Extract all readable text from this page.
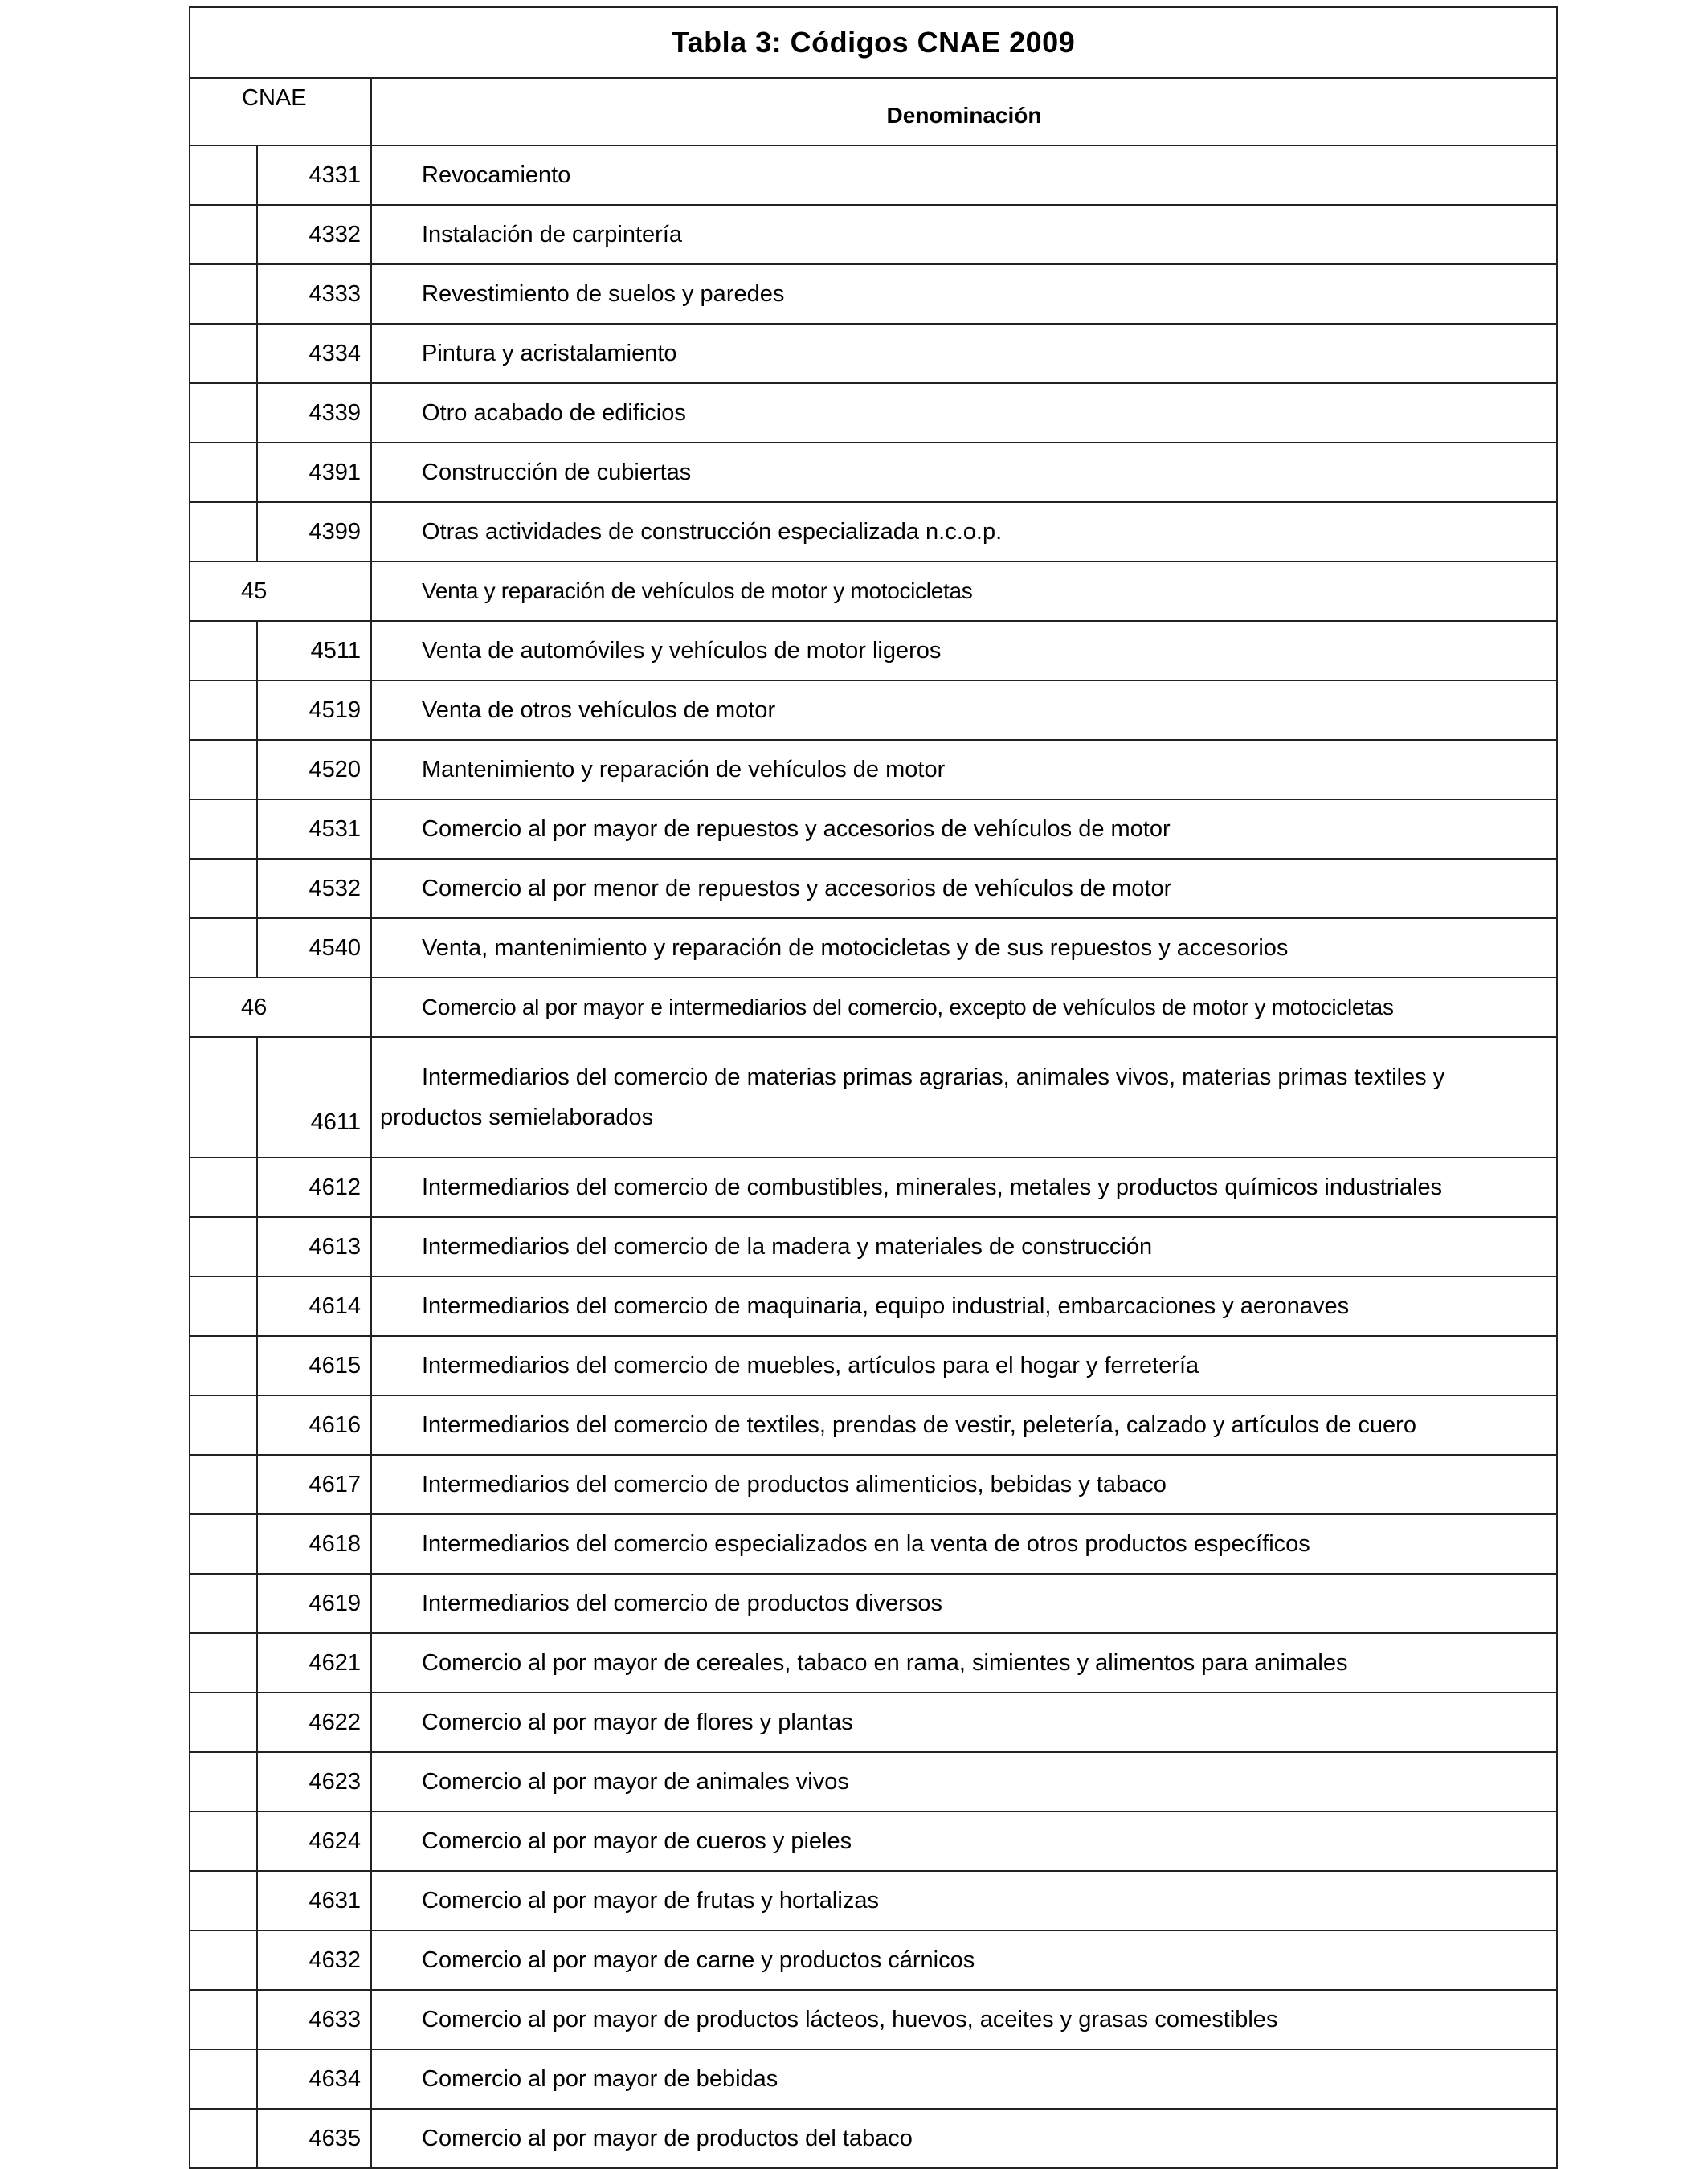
Tabla 3: Códigos CNAE 2009		
CNAE		Denominación
	4331	Revocamiento
	4332	Instalación de carpintería
	4333	Revestimiento de suelos y paredes
	4334	Pintura y acristalamiento
	4339	Otro acabado de edificios
	4391	Construcción de cubiertas
	4399	Otras actividades de construcción especializada n.c.o.p.
45		Venta y reparación de vehículos de motor y motocicletas
	4511	Venta de automóviles y vehículos de motor ligeros
	4519	Venta de otros vehículos de motor
	4520	Mantenimiento y reparación de vehículos de motor
	4531	Comercio al por mayor de repuestos y accesorios de vehículos de motor
	4532	Comercio al por menor de repuestos y accesorios de vehículos de motor
	4540	Venta, mantenimiento y reparación de motocicletas y de sus repuestos y accesorios
46		Comercio al por mayor e intermediarios del comercio, excepto de vehículos de motor y motocicletas
	4611	Intermediarios del comercio de materias primas agrarias, animales vivos, materias primas textiles y
productos semielaborados

	4612	Intermediarios del comercio de combustibles, minerales, metales y productos químicos industriales
	4613	Intermediarios del comercio de la madera y materiales de construcción
	4614	Intermediarios del comercio de maquinaria, equipo industrial, embarcaciones y aeronaves
	4615	Intermediarios del comercio de muebles, artículos para el hogar y ferretería
	4616	Intermediarios del comercio de textiles, prendas de vestir, peletería, calzado y artículos de cuero
	4617	Intermediarios del comercio de productos alimenticios, bebidas y tabaco
	4618	Intermediarios del comercio especializados en la venta de otros productos específicos
	4619	Intermediarios del comercio de productos diversos
	4621	Comercio al por mayor de cereales, tabaco en rama, simientes y alimentos para animales
	4622	Comercio al por mayor de flores y plantas
	4623	Comercio al por mayor de animales vivos
	4624	Comercio al por mayor de cueros y pieles
	4631	Comercio al por mayor de frutas y hortalizas
	4632	Comercio al por mayor de carne y productos cárnicos
	4633	Comercio al por mayor de productos lácteos, huevos, aceites y grasas comestibles
	4634	Comercio al por mayor de bebidas
	4635	Comercio al por mayor de productos del tabaco
